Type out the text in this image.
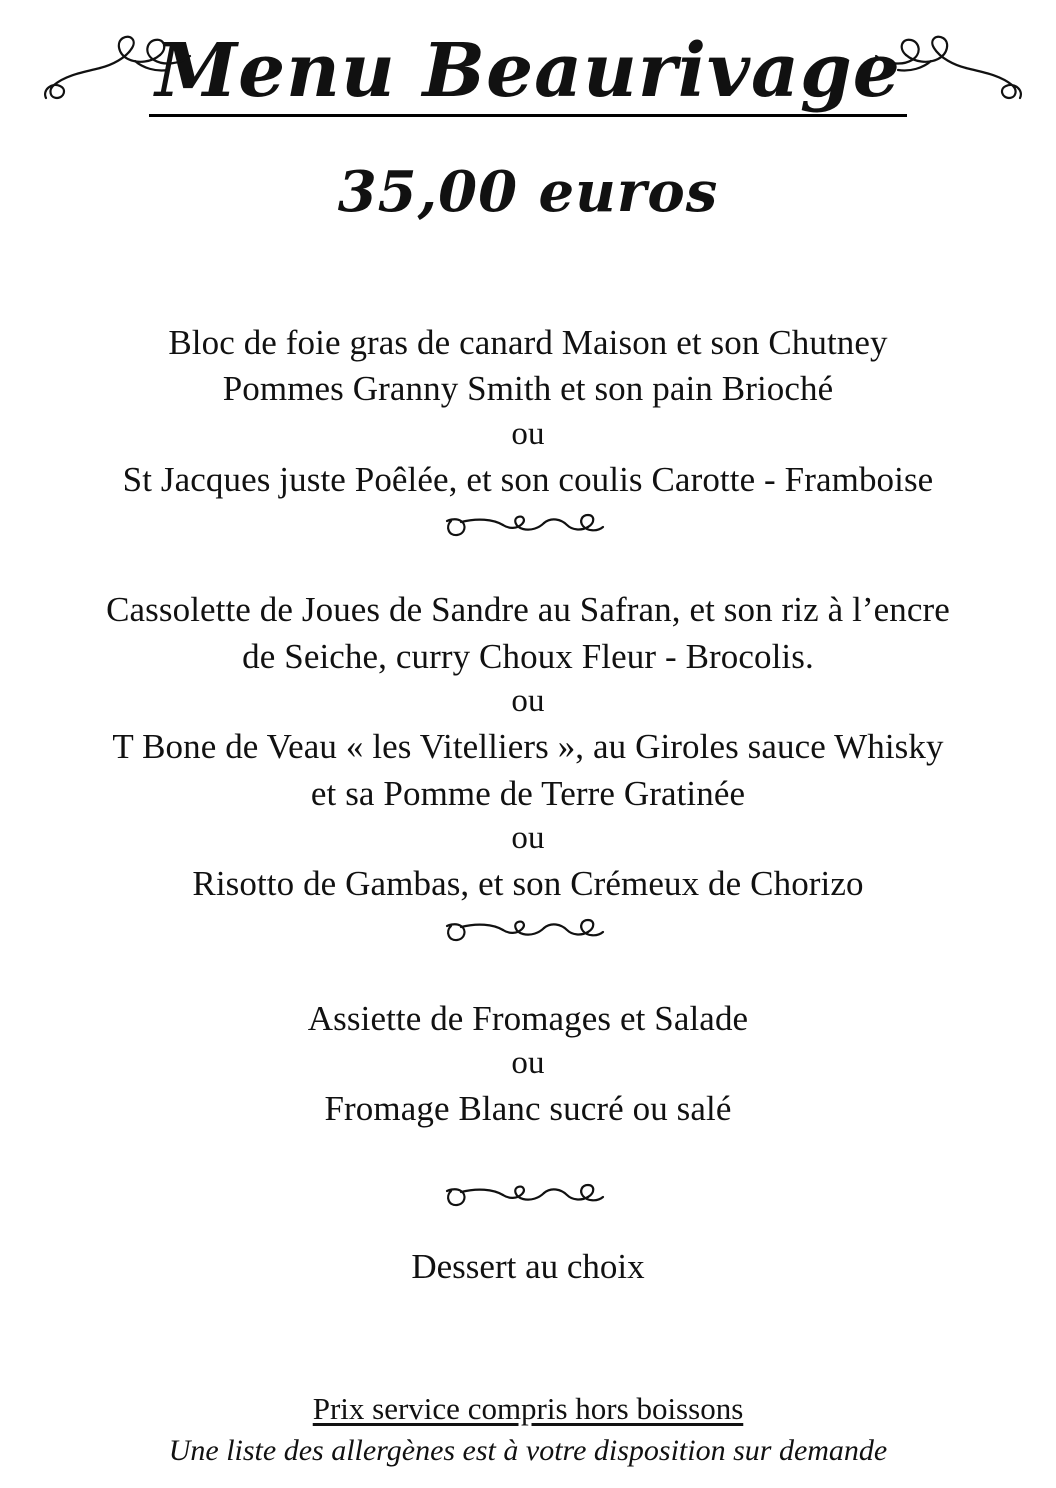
Menu Beaurivage
35,00 euros
Bloc de foie gras de canard Maison et son Chutney
Pommes Granny Smith et son pain Brioché
ou
St Jacques juste Poêlée, et son coulis Carotte - Framboise
Cassolette de Joues de Sandre au Safran, et son riz à l’encre
de Seiche, curry Choux Fleur - Brocolis.
ou
T Bone de Veau « les Vitelliers », au Giroles sauce Whisky
et sa Pomme de Terre Gratinée
ou
Risotto de Gambas, et son Crémeux de Chorizo
Assiette de Fromages et Salade
ou
Fromage Blanc sucré ou salé
Dessert au choix
Prix service compris hors boissons
Une liste des allergènes est à votre disposition sur demande
